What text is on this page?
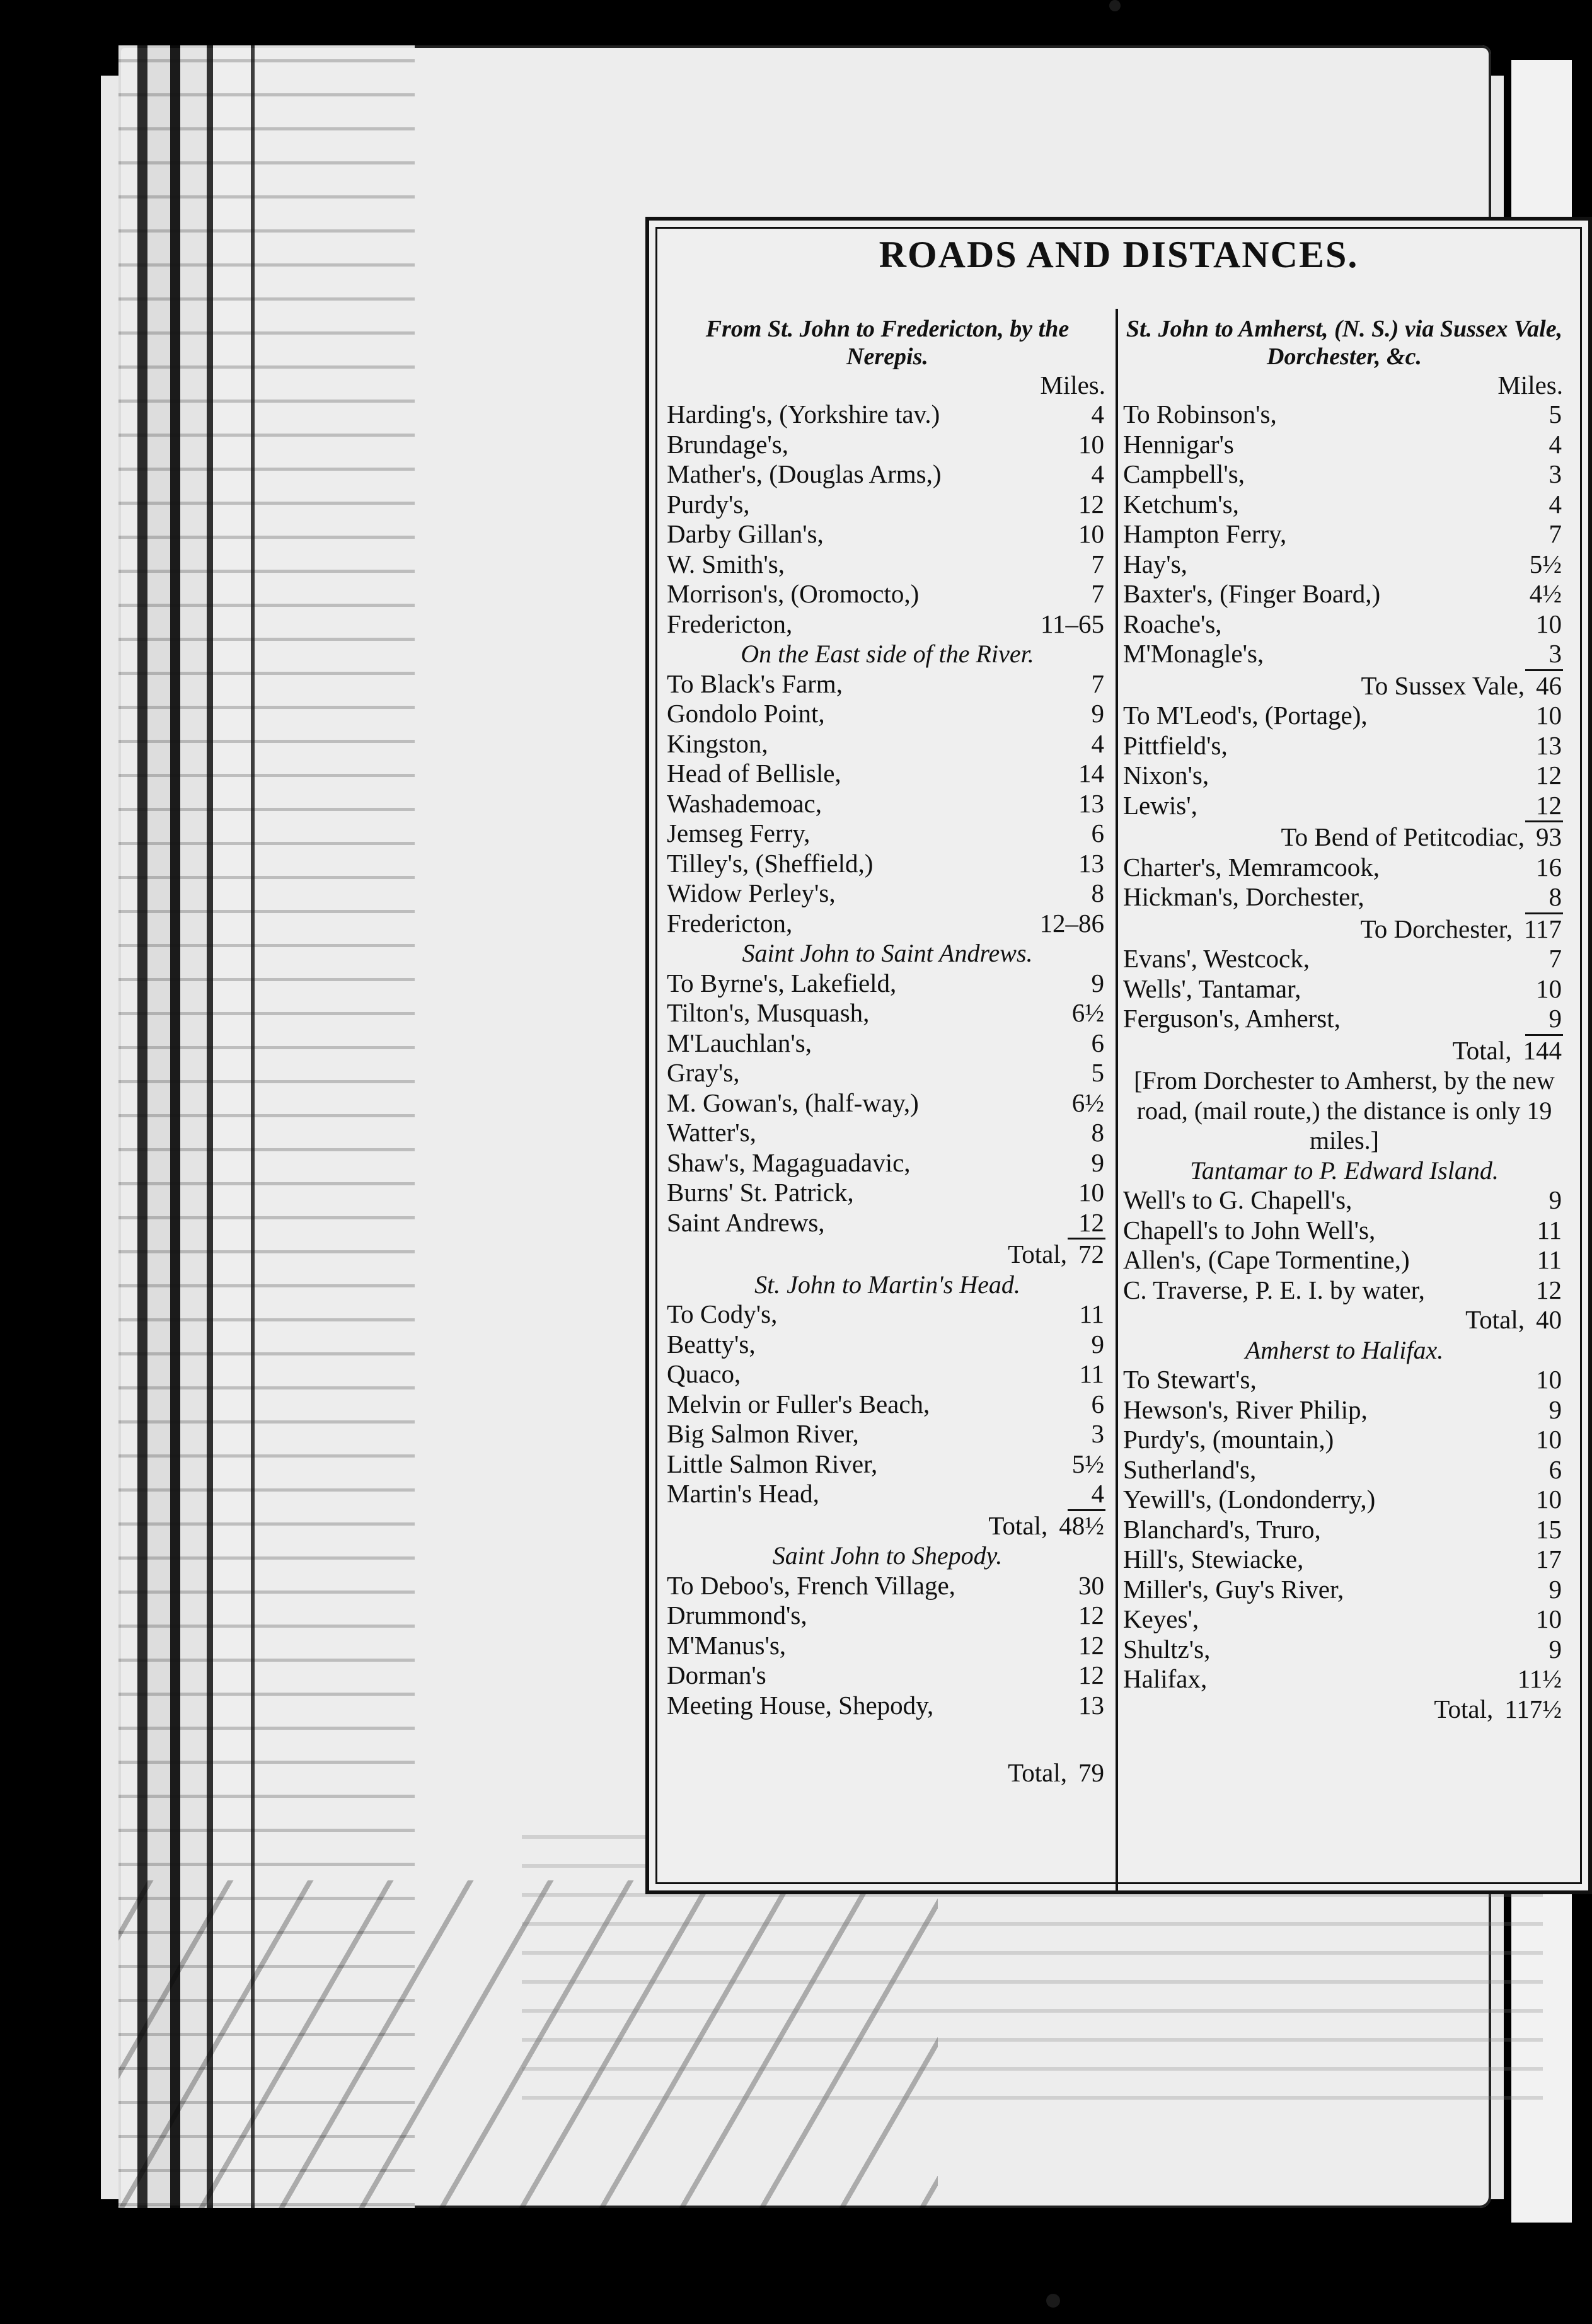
ROADS AND DISTANCES.

From St. John to Fredericton, by the Nerepis.

Miles.
Harding's, (Yorkshire tav.)	4
Brundage's,	10
Mather's, (Douglas Arms,)	4
Purdy's,	12
Darby Gillan's,	10
W. Smith's,	7
Morrison's, (Oromocto,)	7
Fredericton,	11–65
On the East side of the River.
To Black's Farm,	7
Gondolo Point,	9
Kingston,	4
Head of Bellisle,	14
Washademoac,	13
Jemseg Ferry,	6
Tilley's, (Sheffield,)	13
Widow Perley's,	8
Fredericton,	12–86
Saint John to Saint Andrews.
To Byrne's, Lakefield,	9
Tilton's, Musquash,	6½
M'Lauchlan's,	6
Gray's,	5
M. Gowan's, (half-way,)	6½
Watter's,	8
Shaw's, Magaguadavic,	9
Burns' St. Patrick,	10
Saint Andrews,	12
Total, 72
St. John to Martin's Head.
To Cody's,	11
Beatty's,	9
Quaco,	11
Melvin or Fuller's Beach,	6
Big Salmon River,	3
Little Salmon River,	5½
Martin's Head,	4
Total, 48½
Saint John to Shepody.
To Deboo's, French Village,	30
Drummond's,	12
M'Manus's,	12
Dorman's	12
Meeting House, Shepody,	13
Total, 79

St. John to Amherst, (N. S.) via Sussex Vale, Dorchester, &c.

Miles.
To Robinson's,	5
Hennigar's	4
Campbell's,	3
Ketchum's,	4
Hampton Ferry,	7
Hay's,	5½
Baxter's, (Finger Board,)	4½
Roache's,	10
M'Monagle's,	3
To Sussex Vale, 46
To M'Leod's, (Portage),	10
Pittfield's,	13
Nixon's,	12
Lewis',	12
To Bend of Petitcodiac, 93
Charter's, Memramcook,	16
Hickman's, Dorchester,	8
To Dorchester, 117
Evans', Westcock,	7
Wells', Tantamar,	10
Ferguson's, Amherst,	9
Total, 144
[From Dorchester to Amherst, by the new road, (mail route,) the distance is only 19 miles.]
Tantamar to P. Edward Island.
Well's to G. Chapell's,	9
Chapell's to John Well's,	11
Allen's, (Cape Tormentine,)	11
C. Traverse, P. E. I. by water,	12
Total, 40
Amherst to Halifax.
To Stewart's,	10
Hewson's, River Philip,	9
Purdy's, (mountain,)	10
Sutherland's,	6
Yewill's, (Londonderry,)	10
Blanchard's, Truro,	15
Hill's, Stewiacke,	17
Miller's, Guy's River,	9
Keyes',	10
Shultz's,	9
Halifax,	11½
Total, 117½
